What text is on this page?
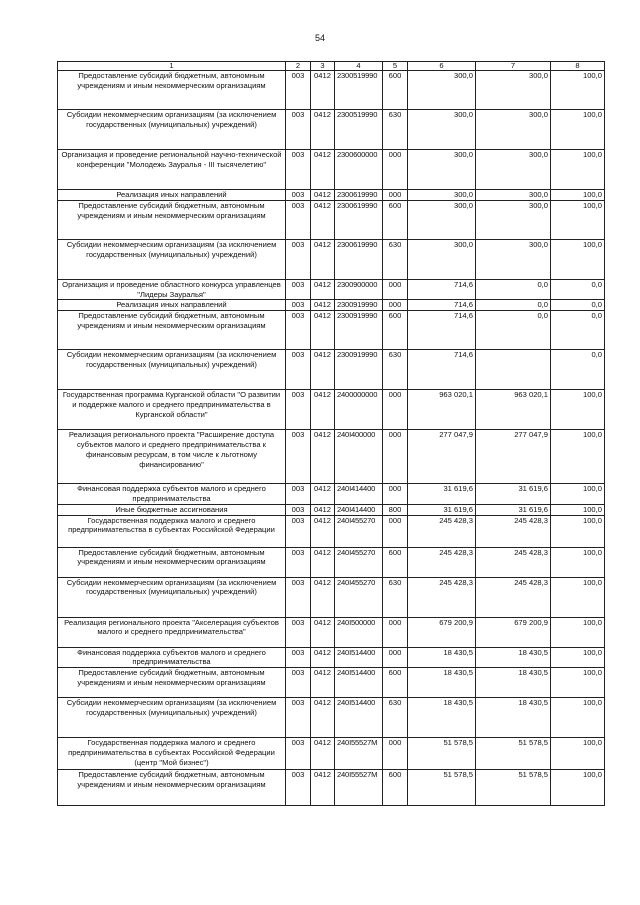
54
1	2	3	4	5	6	7	8
Предоставление субсидий бюджетным, автономным учреждениям и иным некоммерческим организациям	003	0412	2300519990	600	300,0	300,0	100,0
Субсидии некоммерческим организациям (за исключением государственных (муниципальных) учреждений)	003	0412	2300519990	630	300,0	300,0	100,0
Организация и проведение региональной научно-технической конференции "Молодежь Зауралья - III тысячелетию"	003	0412	2300600000	000	300,0	300,0	100,0
Реализация иных направлений	003	0412	2300619990	000	300,0	300,0	100,0
Предоставление субсидий бюджетным, автономным учреждениям и иным некоммерческим организациям	003	0412	2300619990	600	300,0	300,0	100,0
Субсидии некоммерческим организациям (за исключением государственных (муниципальных) учреждений)	003	0412	2300619990	630	300,0	300,0	100,0
Организация и проведение областного конкурса управленцев "Лидеры Зауралья"	003	0412	2300900000	000	714,6	0,0	0,0
Реализация иных направлений	003	0412	2300919990	000	714,6	0,0	0,0
Предоставление субсидий бюджетным, автономным учреждениям и иным некоммерческим организациям	003	0412	2300919990	600	714,6	0,0	0,0
Субсидии некоммерческим организациям (за исключением государственных (муниципальных) учреждений)	003	0412	2300919990	630	714,6		0,0
Государственная программа Курганской области "О развитии и поддержке малого и среднего предпринимательства в Курганской области"	003	0412	2400000000	000	963 020,1	963 020,1	100,0
Реализация регионального проекта "Расширение доступа субъектов малого и среднего предпринимательства к финансовым ресурсам, в том числе к льготному финансированию"	003	0412	240I400000	000	277 047,9	277 047,9	100,0
Финансовая поддержка субъектов малого и среднего предпринимательства	003	0412	240I414400	000	31 619,6	31 619,6	100,0
Иные бюджетные ассигнования	003	0412	240I414400	800	31 619,6	31 619,6	100,0
Государственная поддержка малого и среднего предпринимательства в субъектах Российской Федерации	003	0412	240I455270	000	245 428,3	245 428,3	100,0
Предоставление субсидий бюджетным, автономным учреждениям и иным некоммерческим организациям	003	0412	240I455270	600	245 428,3	245 428,3	100,0
Субсидии некоммерческим организациям (за исключением государственных (муниципальных) учреждений)	003	0412	240I455270	630	245 428,3	245 428,3	100,0
Реализация регионального проекта "Акселерация субъектов малого и среднего предпринимательства"	003	0412	240I500000	000	679 200,9	679 200,9	100,0
Финансовая поддержка субъектов малого и среднего предпринимательства	003	0412	240I514400	000	18 430,5	18 430,5	100,0
Предоставление субсидий бюджетным, автономным учреждениям и иным некоммерческим организациям	003	0412	240I514400	600	18 430,5	18 430,5	100,0
Субсидии некоммерческим организациям (за исключением государственных (муниципальных) учреждений)	003	0412	240I514400	630	18 430,5	18 430,5	100,0
Государственная поддержка малого и среднего предпринимательства в субъектах Российской Федерации (центр "Мой бизнес")	003	0412	240I55527M	000	51 578,5	51 578,5	100,0
Предоставление субсидий бюджетным, автономным учреждениям и иным некоммерческим организациям	003	0412	240I55527M	600	51 578,5	51 578,5	100,0
